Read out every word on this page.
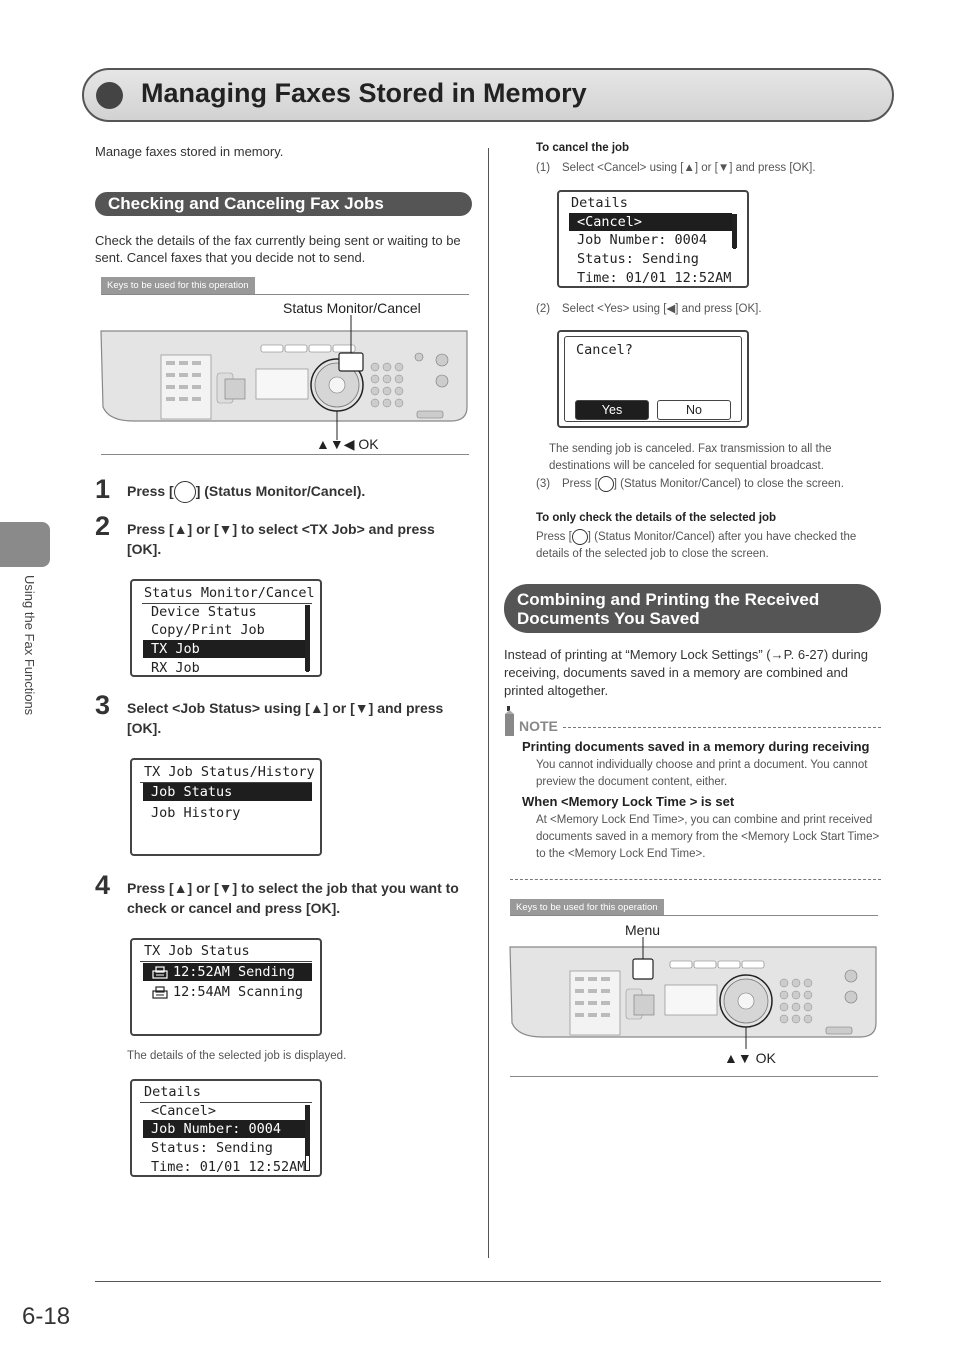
Managing Faxes Stored in Memory
Using the Fax Functions
6-18
Manage faxes stored in memory.
Checking and Canceling Fax Jobs
Check the details of the fax currently being sent or waiting to be sent. Cancel faxes that you decide not to send.
Keys to be used for this operation
Status Monitor/Cancel
▲▼◀ OK
1 Press [ ] (Status Monitor/Cancel).
2 Press [▲] or [▼] to select <TX Job> and press [OK].
Status Monitor/Cancel
Device Status
Copy/Print Job
TX Job
RX Job
3 Select <Job Status> using [▲] or [▼] and press [OK].
TX Job Status/History
Job Status
Job History
4 Press [▲] or [▼] to select the job that you want to check or cancel and press [OK].
TX Job Status
12:52AM Sending
12:54AM Scanning
The details of the selected job is displayed.
Details
<Cancel>
Job Number: 0004
Status: Sending
Time: 01/01 12:52AM
To cancel the job
(1) Select <Cancel> using [▲] or [▼] and press [OK].
Details
<Cancel>
Job Number: 0004
Status: Sending
Time: 01/01 12:52AM
(2) Select <Yes> using [◀] and press [OK].
Cancel?
Yes	No
The sending job is canceled. Fax transmission to all the destinations will be canceled for sequential broadcast.
(3) Press [ ] (Status Monitor/Cancel) to close the screen.
To only check the details of the selected job
Press [ ] (Status Monitor/Cancel) after you have checked the details of the selected job to close the screen.
Combining and Printing the Received
Documents You Saved
Instead of printing at “Memory Lock Settings” (→P. 6-27) during receiving, documents saved in a memory are combined and printed altogether.
NOTE
Printing documents saved in a memory during receiving
You cannot individually choose and print a document. You cannot preview the document content, either.
When <Memory Lock Time > is set
At <Memory Lock End Time>, you can combine and print received documents saved in a memory from the <Memory Lock Start Time> to the <Memory Lock End Time>.
Keys to be used for this operation
Menu
▲▼ OK
